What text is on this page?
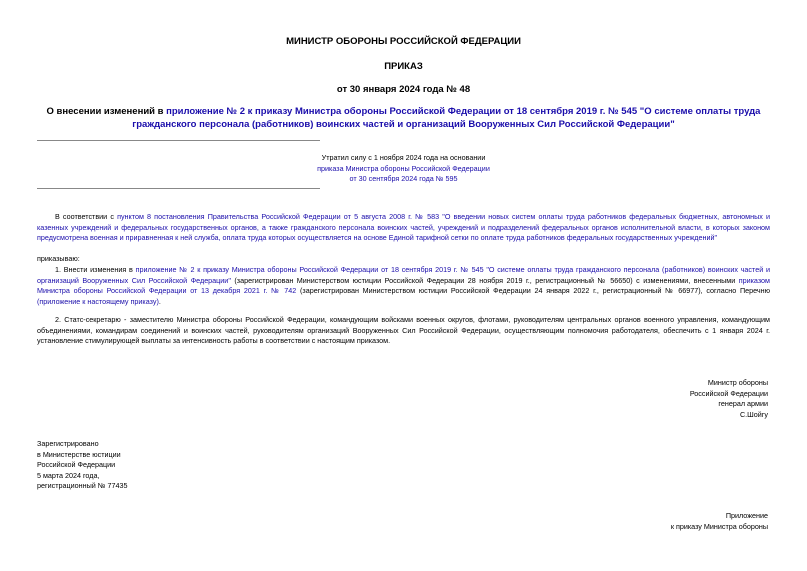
МИНИСТР ОБОРОНЫ РОССИЙСКОЙ ФЕДЕРАЦИИ
ПРИКАЗ
от 30 января 2024 года № 48
О внесении изменений в приложение № 2 к приказу Министра обороны Российской Федерации от 18 сентября 2019 г. № 545 "О системе оплаты труда гражданского персонала (работников) воинских частей и организаций Вооруженных Сил Российской Федерации"
Утратил силу с 1 ноября 2024 года на основании
приказа Министра обороны Российской Федерации
от 30 сентября 2024 года № 595
В соответствии с пунктом 8 постановления Правительства Российской Федерации от 5 августа 2008 г. № 583 "О введении новых систем оплаты труда работников федеральных бюджетных, автономных и казенных учреждений и федеральных государственных органов, а также гражданского персонала воинских частей, учреждений и подразделений федеральных органов исполнительной власти, в которых законом предусмотрена военная и приравненная к ней служба, оплата труда которых осуществляется на основе Единой тарифной сетки по оплате труда работников федеральных государственных учреждений"
приказываю:
1. Внести изменения в приложение № 2 к приказу Министра обороны Российской Федерации от 18 сентября 2019 г. № 545 "О системе оплаты труда гражданского персонала (работников) воинских частей и организаций Вооруженных Сил Российской Федерации" (зарегистрирован Министерством юстиции Российской Федерации 28 ноября 2019 г., регистрационный № 56650) с изменениями, внесенными приказом Министра обороны Российской Федерации от 13 декабря 2021 г. № 742 (зарегистрирован Министерством юстиции Российской Федерации 24 января 2022 г., регистрационный № 66977), согласно Перечню (приложение к настоящему приказу).
2. Статс-секретарю - заместителю Министра обороны Российской Федерации, командующим войсками военных округов, флотами, руководителям центральных органов военного управления, командующим объединениями, командирам соединений и воинских частей, руководителям организаций Вооруженных Сил Российской Федерации, осуществляющим полномочия работодателя, обеспечить с 1 января 2024 г. установление стимулирующей выплаты за интенсивность работы в соответствии с настоящим приказом.
Министр обороны
Российской Федерации
генерал армии
С.Шойгу
Зарегистрировано
в Министерстве юстиции
Российской Федерации
5 марта 2024 года,
регистрационный № 77435
Приложение
к приказу Министра обороны
